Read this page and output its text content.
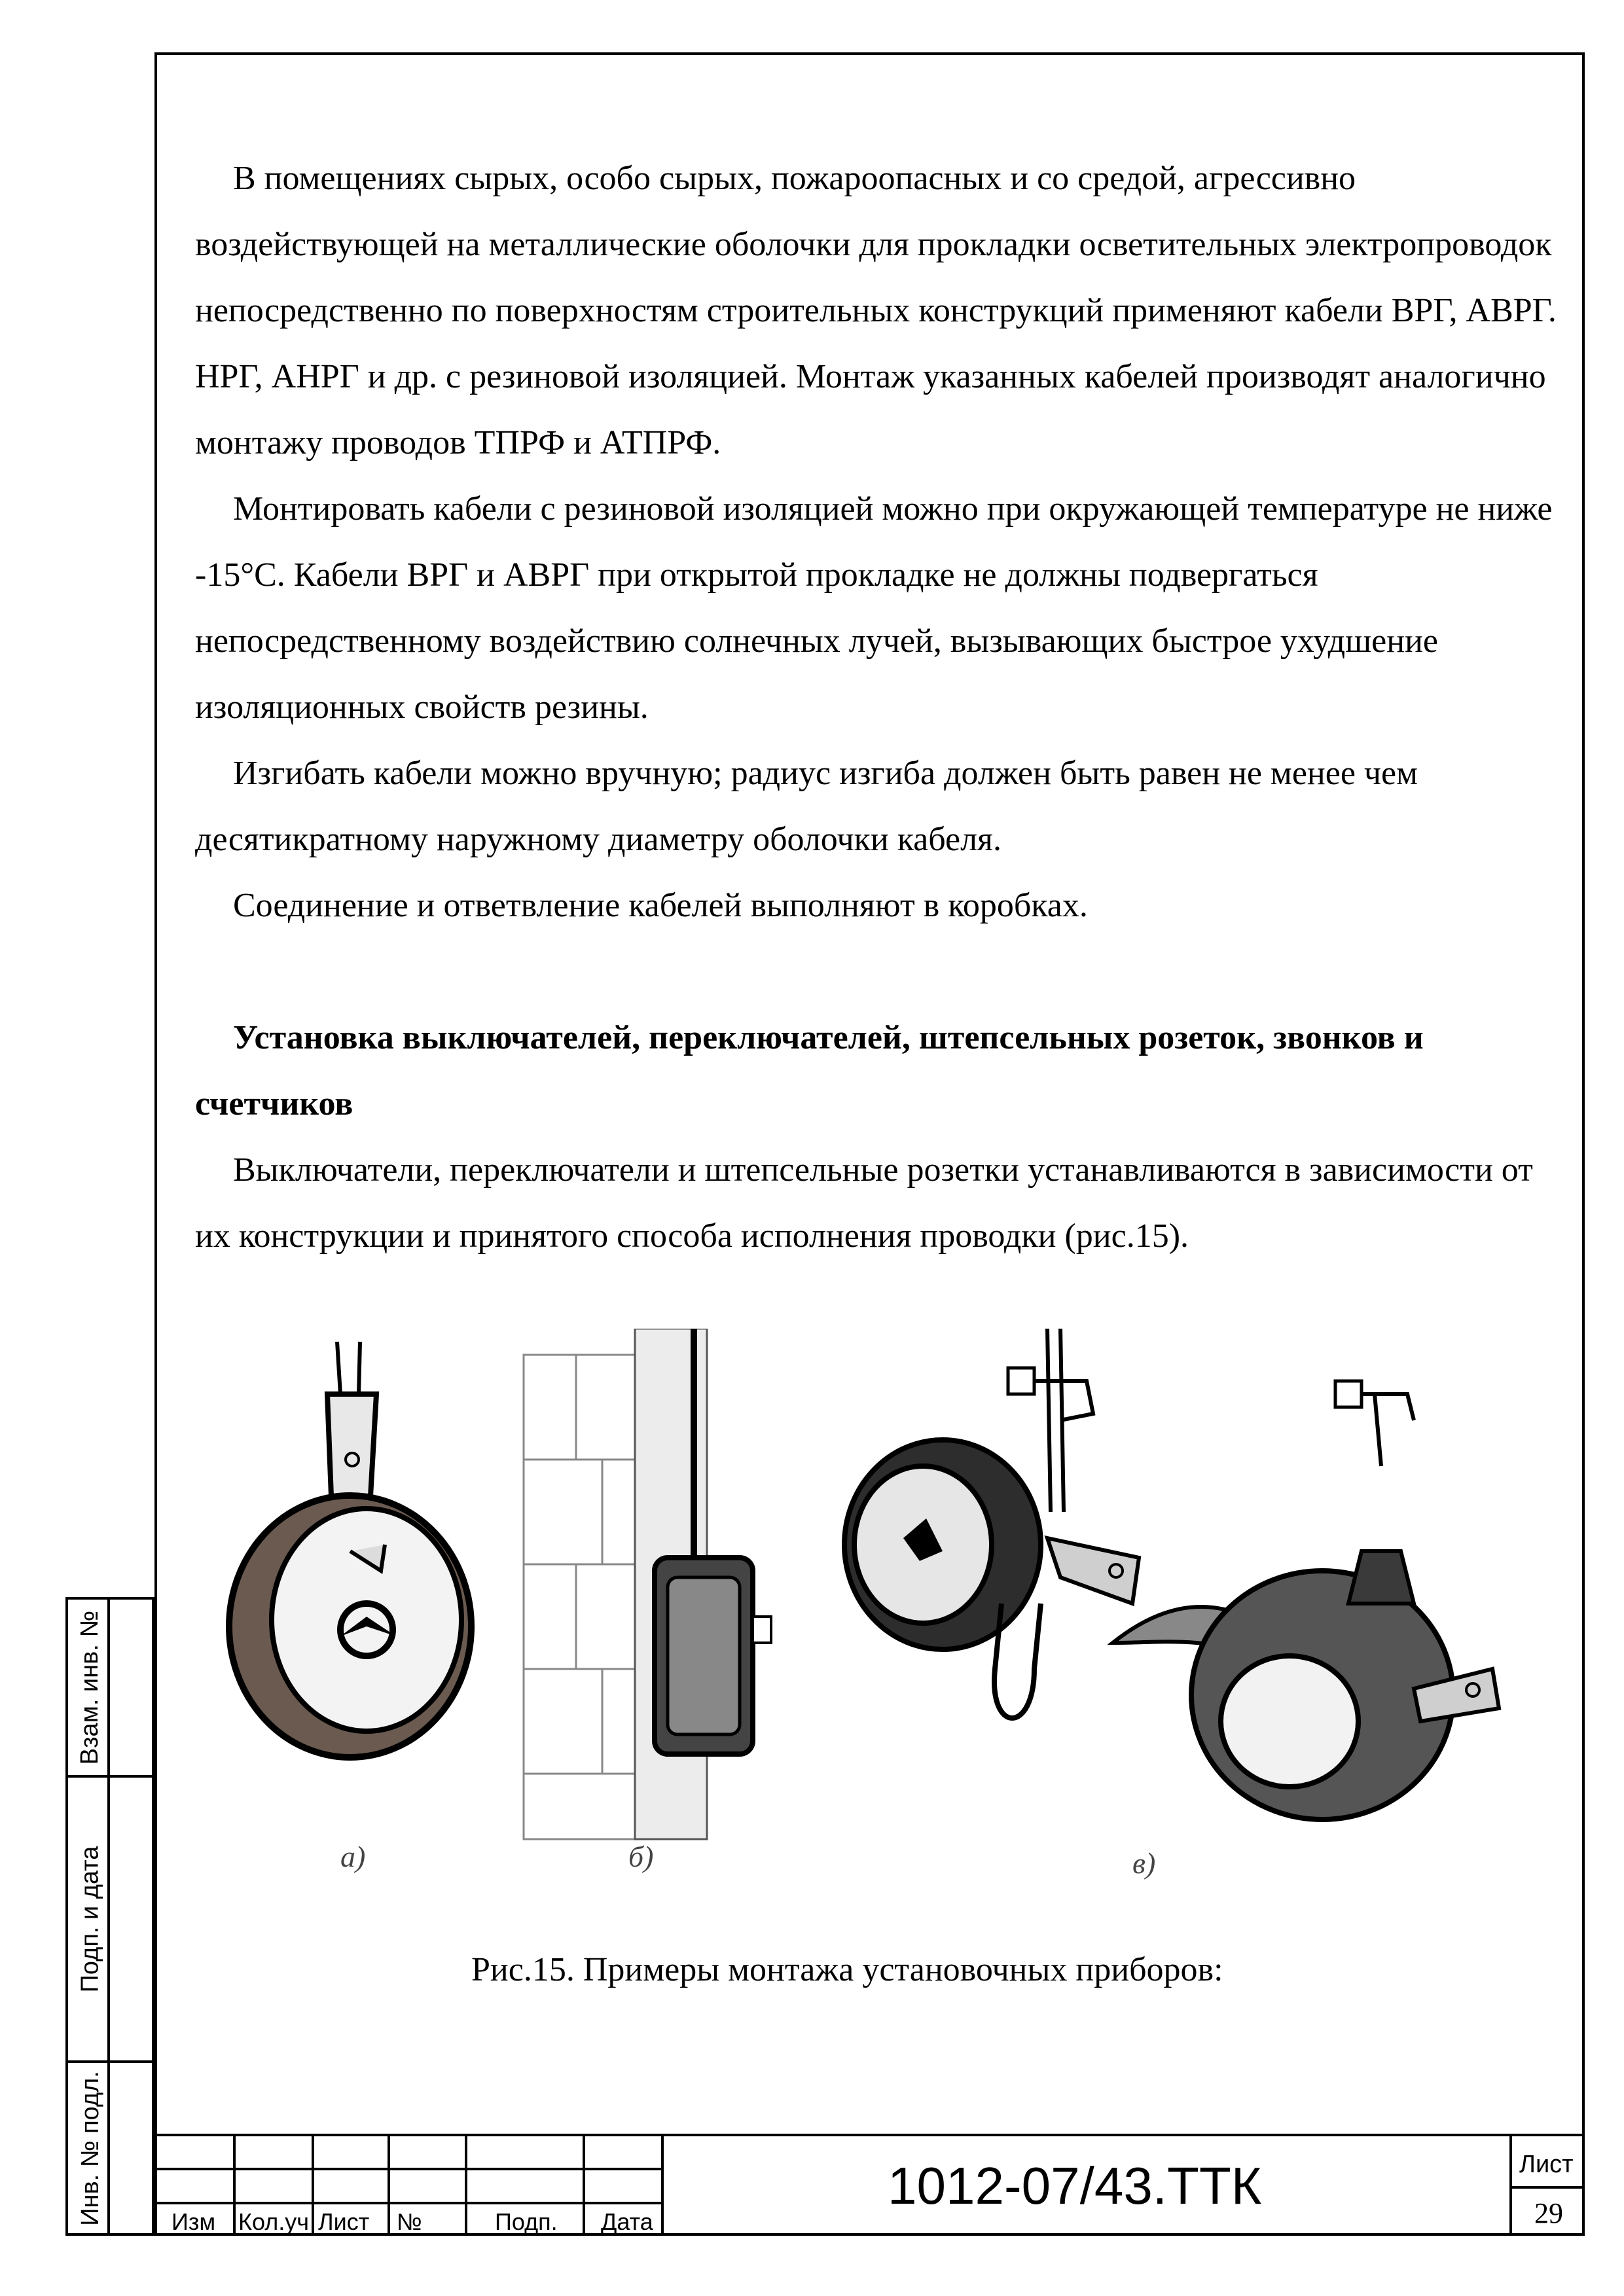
В помещениях сырых, особо сырых, пожароопасных и со средой, агрессивно воздействующей на металлические оболочки для прокладки осветительных электропроводок непосредственно по поверхностям строительных конструкций применяют кабели ВРГ, АВРГ. НРГ, АНРГ и др. с резиновой изоляцией. Монтаж указанных кабелей производят аналогично монтажу проводов ТПРФ и АТПРФ.

Монтировать кабели с резиновой изоляцией можно при окружающей температуре не ниже -15°С. Кабели ВРГ и АВРГ при открытой прокладке не должны подвергаться непосредственному воздействию солнечных лучей, вызывающих быстрое ухудшение изоляционных свойств резины.

Изгибать кабели можно вручную; радиус изгиба должен быть равен не менее чем десятикратному наружному диаметру оболочки кабеля.

Соединение и ответвление кабелей выполняют в коробках.

Установка выключателей, переключателей, штепсельных розеток, звонков и счетчиков

Выключатели, переключатели и штепсельные розетки устанавливаются в зависимости от их конструкции и принятого способа исполнения проводки (рис.15).

а)	б)	в)
Рис.15. Примеры монтажа установочных приборов:
Взам. инв. №
Подп. и дата
Инв. № подл.	Изм Кол.уч Лист №	Подп. Дата
1012-07/43.ТТК	Лист
29
